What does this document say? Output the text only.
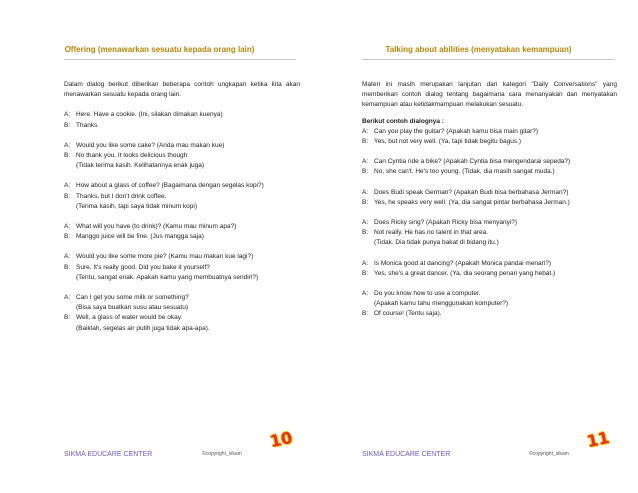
Offering (menawarkan sesuatu kepada orang lain)

Dalam dialog berikut diberikan beberapa contoh ungkapan ketika kita akan menawarkan sesuatu kepada orang lain.

A: Here. Have a cookie. (Ini, silakan dimakan kuenya)
B: Thanks
A: Would you like some cake? (Anda mau makan kue)
B: No thank you. It looks delicious though
(Tidak terima kasih. Kelihatannya enak juga)
A: How about a glass of coffee? (Bagaimana dengan segelas kopi?)
B: Thanks, but I don't drink coffee.
(Terima kasih, tapi saya tidak minum kopi)
A: What will you have (to drink)? (Kamu mau minum apa?)
B: Manggo juice will be fine. (Jus mangga saja)
A: Would you like some more pie? (Kamu mau makan kue lagi?)
B: Sure. It's really good. Did you bake it yourself?
(Tentu, sangat enak. Apakah kamu yang membuatnya sendiri?)
A: Can I get you some milk or something?
(Bisa saya buatkan susu atau sesuatu)
B: Well, a glass of water would be okay.
(Baiklah, segelas air putih juga tidak apa-apa).
SIKMA EDUCARE CENTER	©copyright_sikam
10
Talking about abilities (menyatakan kemampuan)

Materi ini masih merupakan lanjutan dari kategori "Daily Conversations" yang memberikan contoh dialog tentang bagaimana cara menanyakan dan menyatakan kemampuan atau ketidakmampuan melakukan sesuatu.

Berikut contoh dialognya :
A: Can you play the guitar? (Apakah kamu bisa main gitar?)
B: Yes, but not very well. (Ya, tapi tidak begitu bagus.)
A: Can Cyntia ride a bike? (Apakah Cyntia bisa mengendarai sepeda?)
B: No, she can't. He's too young. (Tidak, dia masih sangat muda.)
A: Does Budi speak German? (Apakah Budi bisa berbahasa Jerman?)
B: Yes, he speaks very well. (Ya, dia sangat pintar berbahasa Jerman.)
A: Does Ricky sing? (Apakah Ricky bisa menyanyi?)
B: Not really. He has no talent in that area.
(Tidak. Dia tidak punya bakat di bidang itu.)
A: Is Monica good at dancing? (Apakah Monica pandai menari?)
B: Yes, she's a great dancer. (Ya, dia seorang penari yang hebat.)
A: Do you know how to use a computer.
(Apakah kamu tahu menggunakan komputer?)
B: Of course! (Tentu saja).
SIKMA EDUCARE CENTER	©copyright_sikam
11
